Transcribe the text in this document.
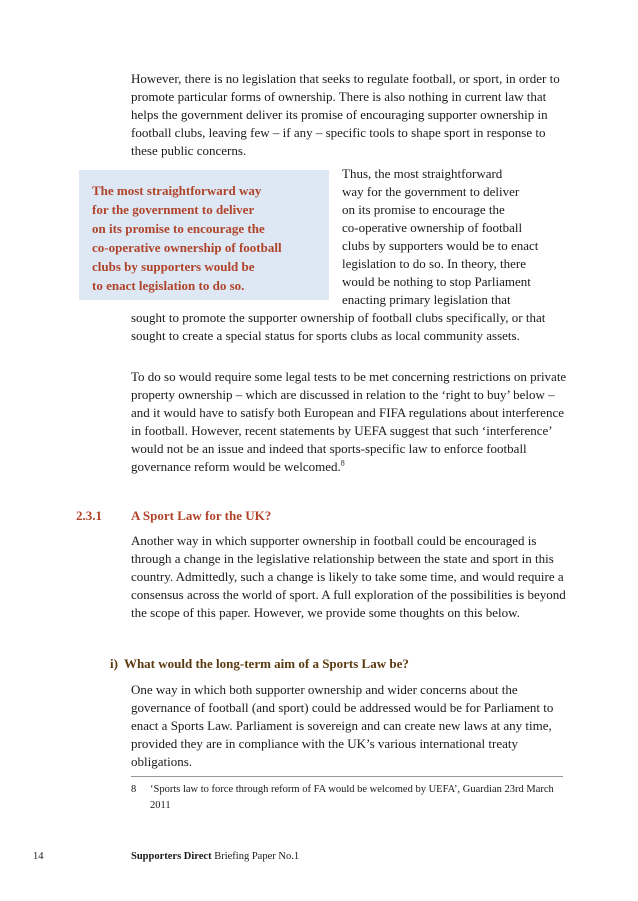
However, there is no legislation that seeks to regulate football, or sport, in order to promote particular forms of ownership. There is also nothing in current law that helps the government deliver its promise of encouraging supporter ownership in football clubs, leaving few – if any – specific tools to shape sport in response to these public concerns.

The most straightforward way
for the government to deliver
on its promise to encourage the
co-operative ownership of football
clubs by supporters would be
to enact legislation to do so.
Thus, the most straightforward
way for the government to deliver
on its promise to encourage the
co-operative ownership of football
clubs by supporters would be to enact
legislation to do so. In theory, there
would be nothing to stop Parliament
enacting primary legislation that

sought to promote the supporter ownership of football clubs specifically, or that sought to create a special status for sports clubs as local community assets.

To do so would require some legal tests to be met concerning restrictions on private property ownership – which are discussed in relation to the ‘right to buy’ below – and it would have to satisfy both European and FIFA regulations about interference in football. However, recent statements by UEFA suggest that such ‘interference’ would not be an issue and indeed that sports-specific law to enforce football governance reform would be welcomed.$^8$

2.3.1 A Sport Law for the UK?

Another way in which supporter ownership in football could be encouraged is through a change in the legislative relationship between the state and sport in this country. Admittedly, such a change is likely to take some time, and would require a consensus across the world of sport. A full exploration of the possibilities is beyond the scope of this paper. However, we provide some thoughts on this below.

i) What would the long-term aim of a Sports Law be?

One way in which both supporter ownership and wider concerns about the governance of football (and sport) could be addressed would be for Parliament to enact a Sports Law. Parliament is sovereign and can create new laws at any time, provided they are in compliance with the UK’s various international treaty obligations.

8 ‘Sports law to force through reform of FA would be welcomed by UEFA’, Guardian 23rd March 2011
14	Supporters Direct Briefing Paper No.1
